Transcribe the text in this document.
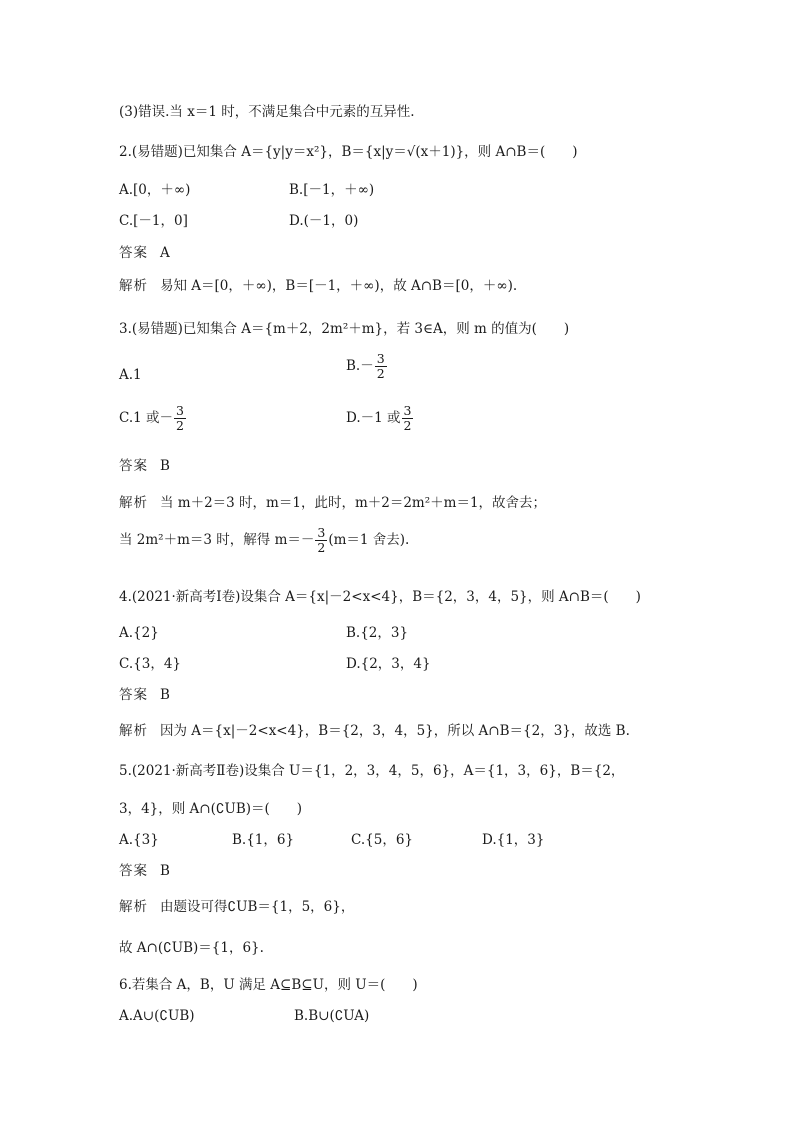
(3)错误.当 x＝1 时，不满足集合中元素的互异性.
2.(易错题)已知集合 A＝{y|y＝x²}，B＝{x|y＝√(x＋1)}，则 A∩B＝(　　)
A.[0，＋∞)	B.[－1，＋∞)
C.[－1，0]	D.(－1，0)
答案 A
解析 易知 A＝[0，＋∞)，B＝[－1，＋∞)，故 A∩B＝[0，＋∞).
3.(易错题)已知集合 A＝{m＋2，2m²＋m}，若 3∈A，则 m 的值为(　　)
A.1
$B.- \frac{3}{2}$
C.1 或－ $\frac{3}{2}$	D.－1 或 $\frac{3}{2}$
答案 B
解析 当 m＋2＝3 时，m＝1，此时，m＋2＝2m²＋m＝1，故舍去；
当 2m²＋m＝3 时，解得 $m=- \frac{3}{2} (m=1$ 舍去).
4.(2021·新高考Ⅰ卷)设集合 A＝{x|－2<x<4}，B＝{2，3，4，5}，则 A∩B＝(　　)
A.{2}	B.{2，3}
C.{3，4}	D.{2，3，4}
答案 B
解析 因为 A＝{x|－2<x<4}，B＝{2，3，4，5}，所以 A∩B＝{2，3}，故选 B.
5.(2021·新高考Ⅱ卷)设集合 U＝{1，2，3，4，5，6}，A＝{1，3，6}，B＝{2，
3，4}，则 A∩(∁UB)＝(　　)
A.{3}	B.{1，6}	C.{5，6}	D.{1，3}
答案 B
解析 由题设可得∁UB＝{1，5，6}，
故 A∩(∁UB)＝{1，6}.
6.若集合 A，B，U 满足 A⊆B⊆U，则 U＝(　　)
A.A∪(∁UB)	B.B∪(∁UA)
